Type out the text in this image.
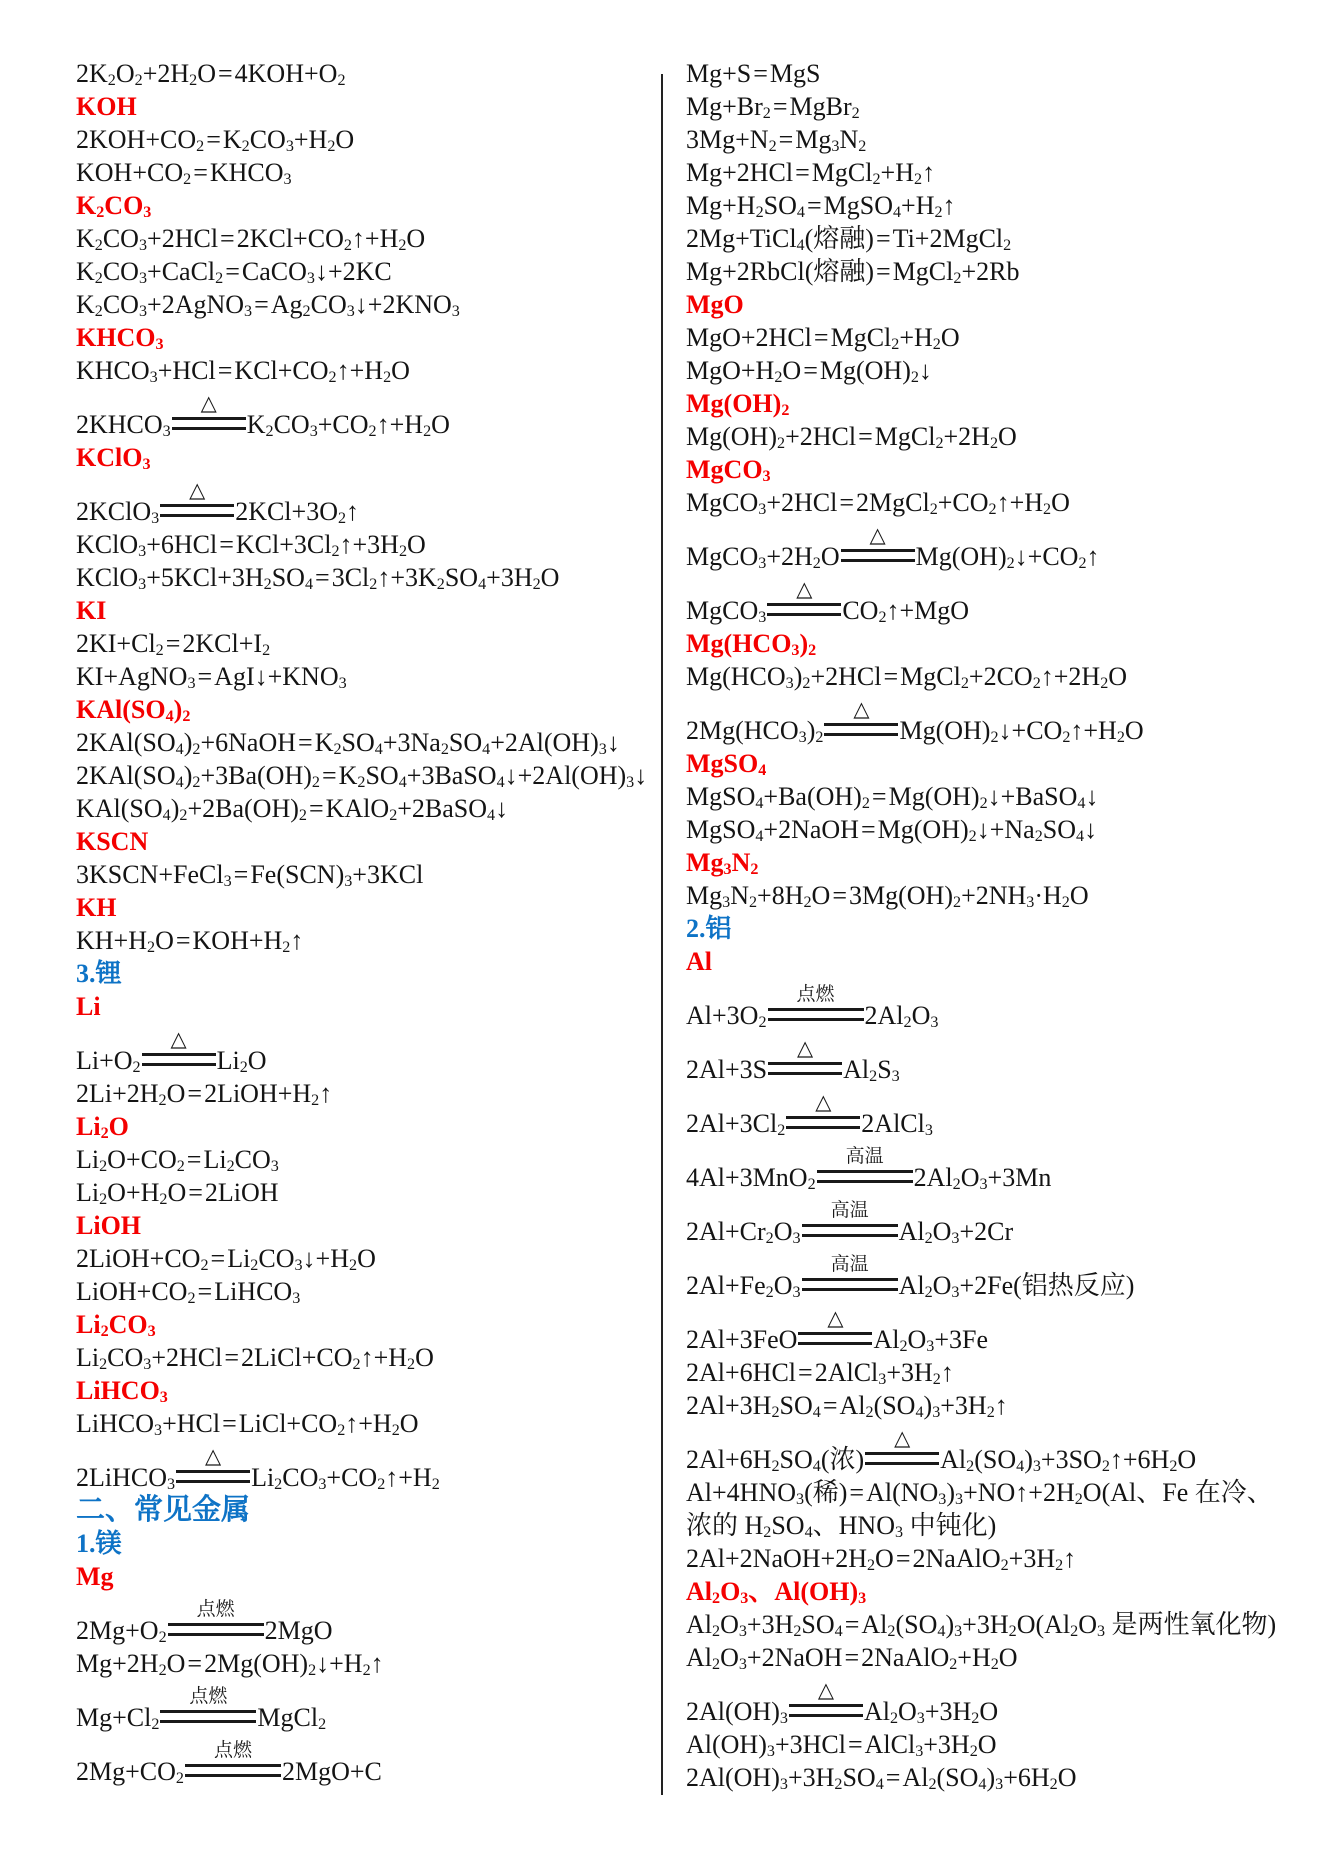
$2K_2O_2+2H_2O=4KOH+O_2$
KOH
$2KOH+CO_2=K_2CO_3+H_2O$
$KOH+CO_2=KHCO_3$
$K_2CO_3$
$K_2CO_3+2HCl=2KCl+CO_2↑+H_2O$
$K_2CO_3+CaCl_2=CaCO_3↓+2KC$
$K_2CO_3+2AgNO_3=Ag_2CO_3↓+2KNO_3$
$KHCO_3$
$KHCO_3+HCl=KCl+CO_2↑+H_2O$
$2KHCO_3$
△
$K_2CO_3+CO_2↑+H_2O$
KClO$_3$
2KClO$_3$
△
$2KCl+3O_2↑$
$KClO_3+6HCl=KCl+3Cl_2↑+3H_2O$
$KClO_3+5KCl+3H_2SO_4=3Cl_2↑+3K_2SO_4+3H_2O$
KI
$2KI+Cl_2=2KCl+I_2$
$KI+AgNO_3=AgI↓+KNO_3$
$KAl(SO_4)_2$
$2KAl(SO_4)_2+6NaOH=K_2SO_4+3Na_2SO_4+2Al(OH)_3↓$
$2KAl(SO_4)_2+3Ba(OH)_2=K_2SO_4+3BaSO_4↓+2Al(OH)_3↓$
$KAl(SO_4)_2+2Ba(OH)_2=KAlO_2+2BaSO_4↓$
KSCN
$3KSCN+FeCl_3=Fe(SCN)_3+3KCl$
KH
$KH+H_2O=KOH+H_2↑$
3.锂
Li
$Li+O_2$
△
$Li_2O$
$2Li+2H_2O=2LiOH+H_2↑$
$Li_2O$
$Li_2O+CO_2=Li_2CO_3$
$Li_2O+H_2O=2LiOH$
LiOH
$2LiOH+CO_2=Li_2CO_3↓+H_2O$
$LiOH+CO_2=LiHCO_3$
$Li_2CO_3$
$Li_2CO_3+2HCl=2LiCl+CO_2↑+H_2O$
LiHCO$_3$
$LiHCO_3+HCl=LiCl+CO_2↑+H_2O$
2LiHCO$_3$
△
$Li_2CO_3+CO_2↑+H_2$
二、常见金属
1.镁
Mg
$2Mg+O_2$
点燃
2MgO
$Mg+2H_2O=2Mg(OH)_2↓+H_2↑$
$Mg+Cl_2$
点燃
MgCl$_2$
$2Mg+CO_2$
点燃
2MgO+C
Mg+S=MgS
$Mg+Br_2=MgBr_2$
$3Mg+N_2=Mg_3N_2$
$Mg+2HCl=MgCl_2+H_2↑$
$Mg+H_2SO_4=MgSO_4+H_2↑$
2Mg+TiCl$_4$(熔融)=Ti+2MgCl$_2$
Mg+2RbCl(熔融)=MgCl$_2$+2Rb
MgO
$MgO+2HCl=MgCl_2+H_2O$
$MgO+H_2O=Mg(OH)_2↓$
$Mg(OH)_2$
$Mg(OH)_2+2HCl=MgCl_2+2H_2O$
MgCO$_3$
$MgCO_3+2HCl=2MgCl_2+CO_2↑+H_2O$
$MgCO_3+2H_2O$
△
$Mg(OH)_2↓+CO_2↑$
MgCO$_3$
△
$CO_2↑+MgO$
$Mg(HCO_3)_2$
$Mg(HCO_3)_2+2HCl=MgCl_2+2CO_2↑+2H_2O$
$2Mg(HCO_3)_2$
△
$Mg(OH)_2↓+CO_2↑+H_2O$
MgSO$_4$
$MgSO_4+Ba(OH)_2=Mg(OH)_2↓+BaSO_4↓$
$MgSO_4+2NaOH=Mg(OH)_2↓+Na_2SO_4↓$
$Mg_3N_2$
$Mg_3N_2+8H_2O=3Mg(OH)_2+2NH_3\cdot H_2O$
2.铝
Al
$Al+3O_2$
点燃
$2Al_2O_3$
2Al+3S
△
$Al_2S_3$
$2Al+3Cl_2$
△
2AlCl$_3$
4Al+3MnO$_2$
高温
$2Al_2O_3+3Mn$
$2Al+Cr_2O_3$
高温
$Al_2O_3+2Cr$
$2Al+Fe_2O_3$
高温
$Al_2O_3+2Fe$(铝热反应)
2Al+3FeO
△
$Al_2O_3+3Fe$
$2Al+6HCl=2AlCl_3+3H_2↑$
$2Al+3H_2SO_4=Al_2(SO_4)_3+3H_2↑$
$2Al+6H_2SO_4$(浓)
△
$Al_2(SO_4)_3+3SO_2↑+6H_2O$
$Al+4HNO_3$(稀)$=Al(NO_3)_3+NO↑+2H_2O(Al$、Fe 在冷、浓的 $H_2SO_4$、$HNO_3$ 中钝化)
$2Al+2NaOH+2H_2O=2NaAlO_2+3H_2↑$
$Al_2O_3$、$Al(OH)_3$
$Al_2O_3+3H_2SO_4=Al_2(SO_4)_3+3H_2O(Al_2O_3$ 是两性氧化物)
$Al_2O_3+2NaOH=2NaAlO_2+H_2O$
$2Al(OH)_3$
△
$Al_2O_3+3H_2O$
$Al(OH)_3+3HCl=AlCl_3+3H_2O$
$2Al(OH)_3+3H_2SO_4=Al_2(SO_4)_3+6H_2O$
